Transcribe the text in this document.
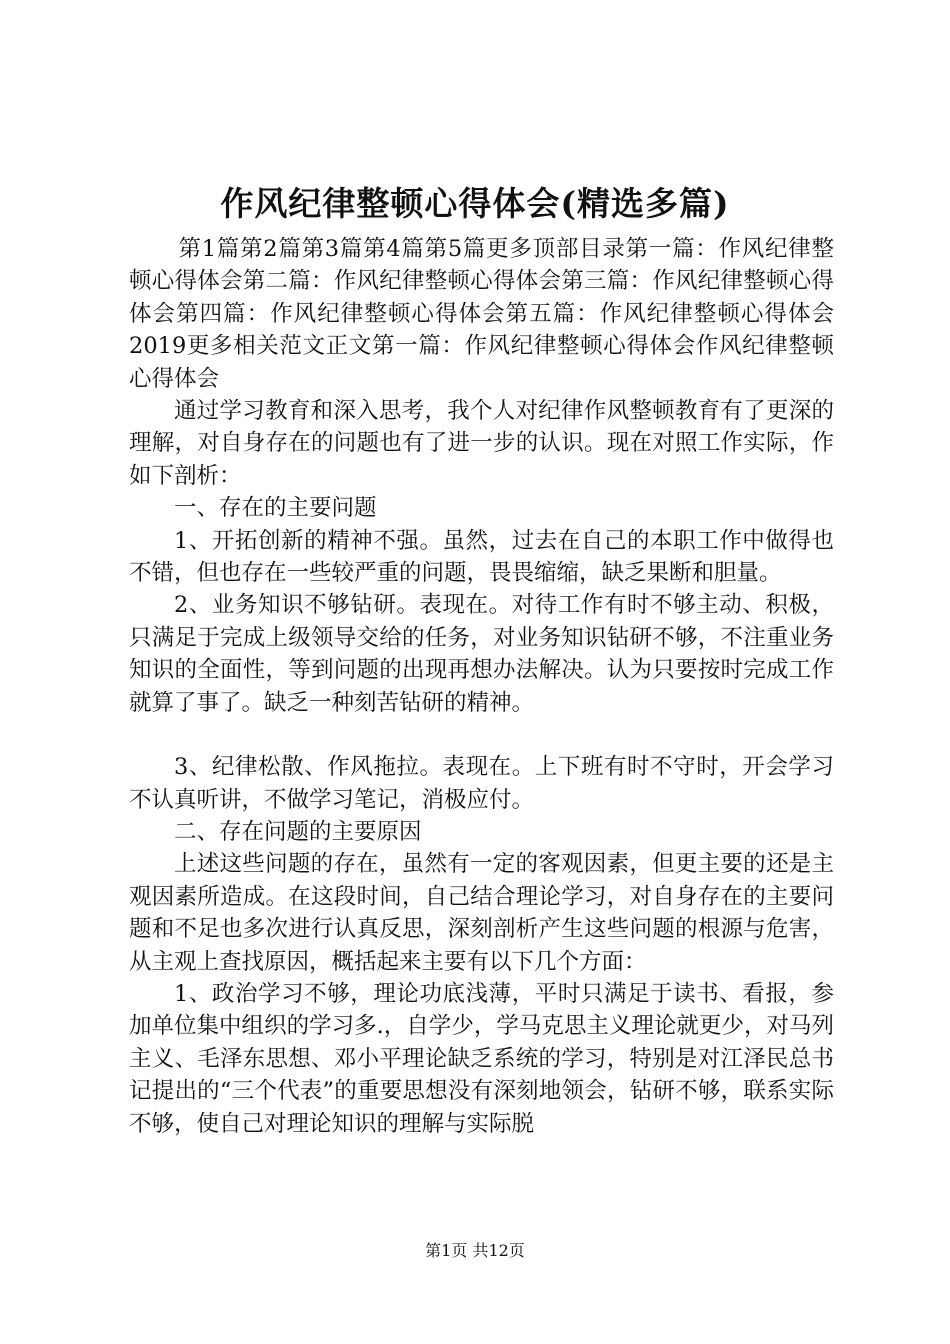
作风纪律整顿心得体会(精选多篇)

第1篇第2篇第3篇第4篇第5篇更多顶部目录第一篇：作风纪律整顿心得体会第二篇：作风纪律整顿心得体会第三篇：作风纪律整顿心得体会第四篇：作风纪律整顿心得体会第五篇：作风纪律整顿心得体会2019更多相关范文正文第一篇：作风纪律整顿心得体会作风纪律整顿心得体会

通过学习教育和深入思考，我个人对纪律作风整顿教育有了更深的理解，对自身存在的问题也有了进一步的认识。现在对照工作实际，作如下剖析：

一、存在的主要问题

1、开拓创新的精神不强。虽然，过去在自己的本职工作中做得也不错，但也存在一些较严重的问题，畏畏缩缩，缺乏果断和胆量。

2、业务知识不够钻研。表现在。对待工作有时不够主动、积极，只满足于完成上级领导交给的任务，对业务知识钻研不够，不注重业务知识的全面性，等到问题的出现再想办法解决。认为只要按时完成工作就算了事了。缺乏一种刻苦钻研的精神。

3、纪律松散、作风拖拉。表现在。上下班有时不守时，开会学习不认真听讲，不做学习笔记，消极应付。

二、存在问题的主要原因

上述这些问题的存在，虽然有一定的客观因素，但更主要的还是主观因素所造成。在这段时间，自己结合理论学习，对自身存在的主要问题和不足也多次进行认真反思，深刻剖析产生这些问题的根源与危害，从主观上查找原因，概括起来主要有以下几个方面：

1、政治学习不够，理论功底浅薄，平时只满足于读书、看报，参加单位集中组织的学习多.，自学少，学马克思主义理论就更少，对马列主义、毛泽东思想、邓小平理论缺乏系统的学习，特别是对江泽民总书记提出的“三个代表”的重要思想没有深刻地领会，钻研不够，联系实际不够，使自己对理论知识的理解与实际脱

第1页 共12页
